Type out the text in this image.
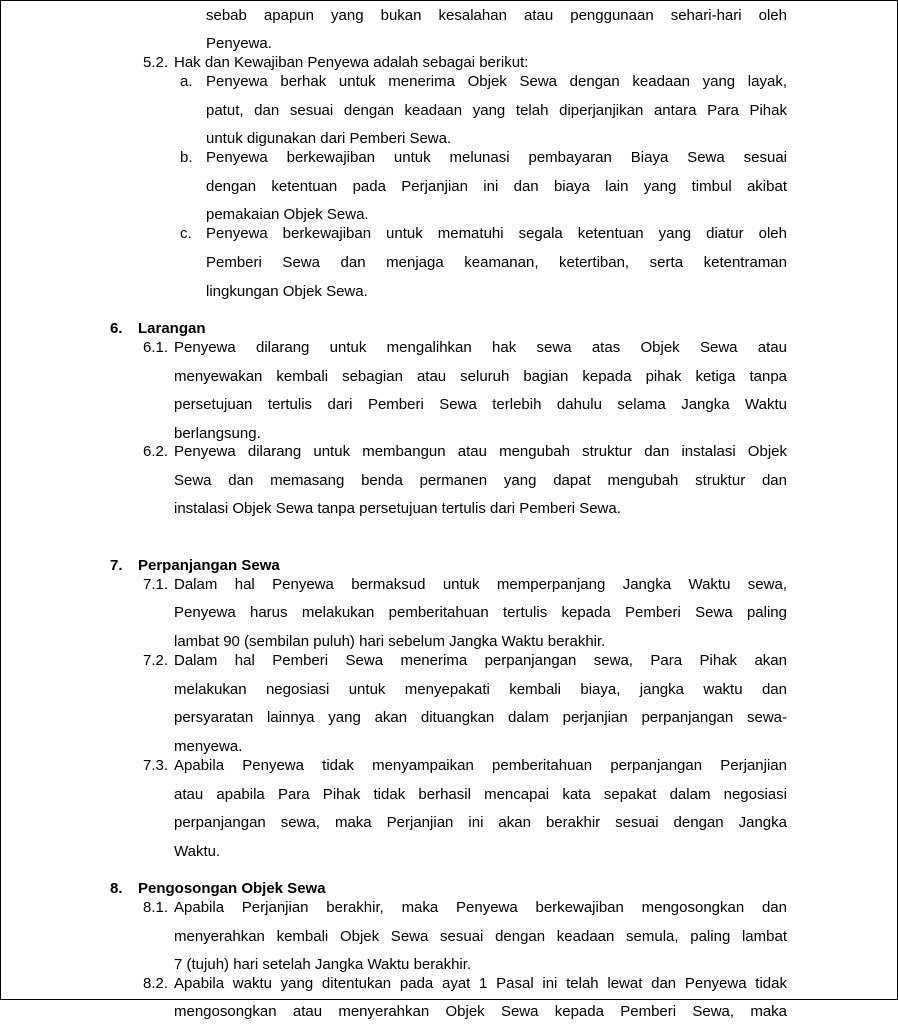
sebab apapun yang bukan kesalahan atau penggunaan sehari-hari oleh
Penyewa.
5.2. Hak dan Kewajiban Penyewa adalah sebagai berikut:
a. Penyewa berhak untuk menerima Objek Sewa dengan keadaan yang layak,
patut, dan sesuai dengan keadaan yang telah diperjanjikan antara Para Pihak
untuk digunakan dari Pemberi Sewa.
b. Penyewa berkewajiban untuk melunasi pembayaran Biaya Sewa sesuai
dengan ketentuan pada Perjanjian ini dan biaya lain yang timbul akibat
pemakaian Objek Sewa.
c. Penyewa berkewajiban untuk mematuhi segala ketentuan yang diatur oleh
Pemberi Sewa dan menjaga keamanan, ketertiban, serta ketentraman
lingkungan Objek Sewa.
6. Larangan
6.1. Penyewa dilarang untuk mengalihkan hak sewa atas Objek Sewa atau
menyewakan kembali sebagian atau seluruh bagian kepada pihak ketiga tanpa
persetujuan tertulis dari Pemberi Sewa terlebih dahulu selama Jangka Waktu
berlangsung.
6.2. Penyewa dilarang untuk membangun atau mengubah struktur dan instalasi Objek
Sewa dan memasang benda permanen yang dapat mengubah struktur dan
instalasi Objek Sewa tanpa persetujuan tertulis dari Pemberi Sewa.
7. Perpanjangan Sewa
7.1. Dalam hal Penyewa bermaksud untuk memperpanjang Jangka Waktu sewa,
Penyewa harus melakukan pemberitahuan tertulis kepada Pemberi Sewa paling
lambat 90 (sembilan puluh) hari sebelum Jangka Waktu berakhir.
7.2. Dalam hal Pemberi Sewa menerima perpanjangan sewa, Para Pihak akan
melakukan negosiasi untuk menyepakati kembali biaya, jangka waktu dan
persyaratan lainnya yang akan dituangkan dalam perjanjian perpanjangan sewa-
menyewa.
7.3. Apabila Penyewa tidak menyampaikan pemberitahuan perpanjangan Perjanjian
atau apabila Para Pihak tidak berhasil mencapai kata sepakat dalam negosiasi
perpanjangan sewa, maka Perjanjian ini akan berakhir sesuai dengan Jangka
Waktu.
8. Pengosongan Objek Sewa
8.1. Apabila Perjanjian berakhir, maka Penyewa berkewajiban mengosongkan dan
menyerahkan kembali Objek Sewa sesuai dengan keadaan semula, paling lambat
7 (tujuh) hari setelah Jangka Waktu berakhir.
8.2. Apabila waktu yang ditentukan pada ayat 1 Pasal ini telah lewat dan Penyewa tidak
mengosongkan atau menyerahkan Objek Sewa kepada Pemberi Sewa, maka
